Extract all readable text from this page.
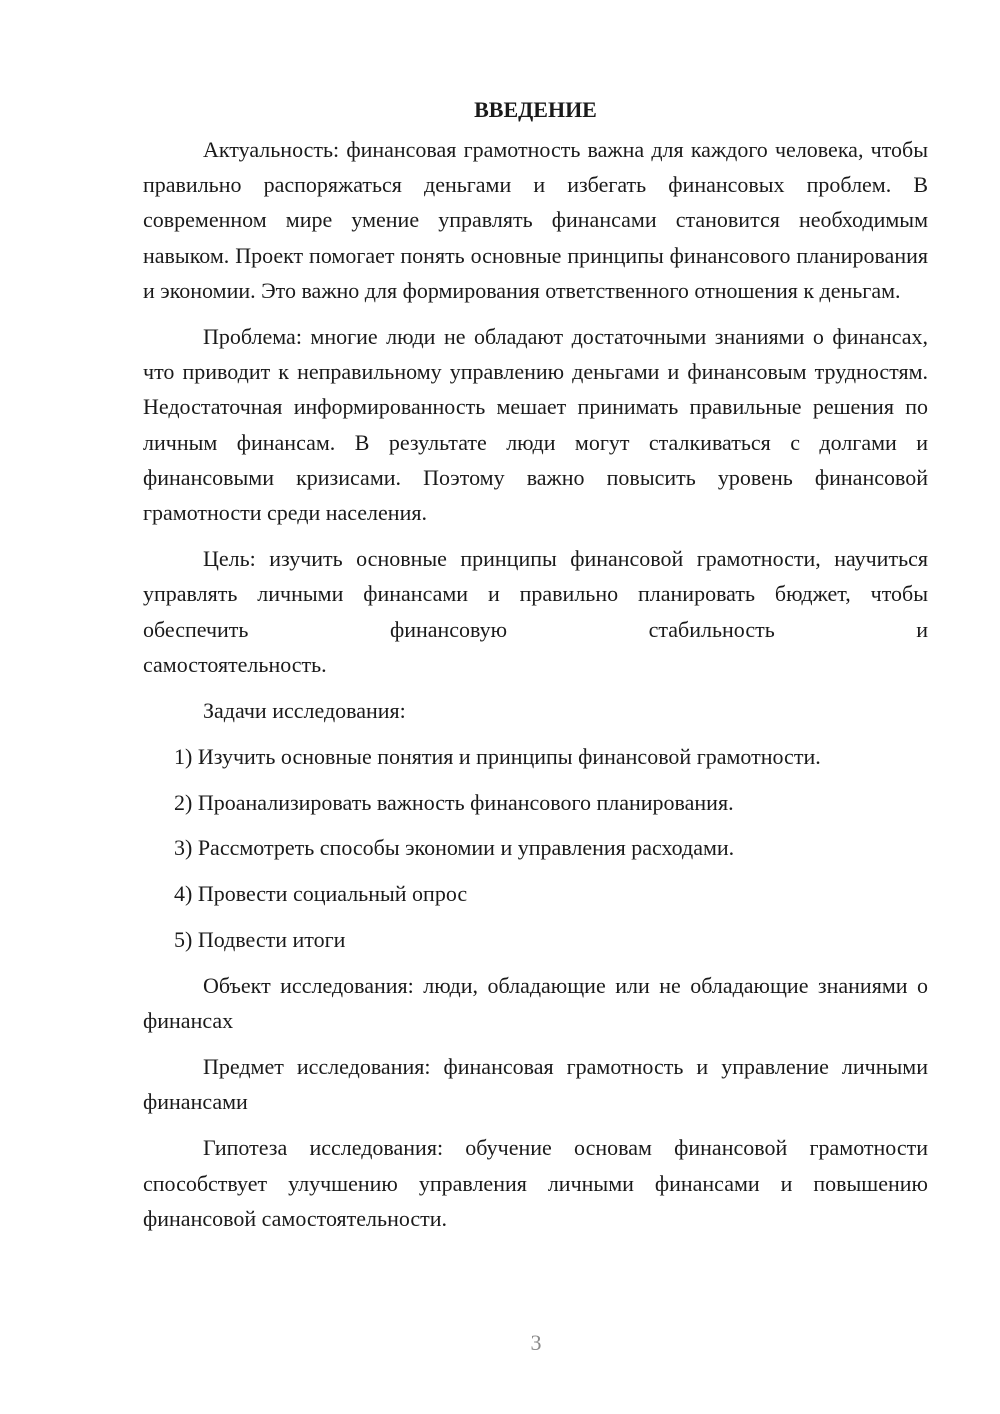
ВВЕДЕНИЕ

Актуальность: финансовая грамотность важна для каждого человека, чтобы правильно распоряжаться деньгами и избегать финансовых проблем. В современном мире умение управлять финансами становится необходимым навыком. Проект помогает понять основные принципы финансового планирования и экономии. Это важно для формирования ответственного отношения к деньгам.

Проблема: многие люди не обладают достаточными знаниями о финансах, что приводит к неправильному управлению деньгами и финансовым трудностям. Недостаточная информированность мешает принимать правильные решения по личным финансам. В результате люди могут сталкиваться с долгами и финансовыми кризисами. Поэтому важно повысить уровень финансовой грамотности среди населения.

Цель: изучить основные принципы финансовой грамотности, научиться управлять личными финансами и правильно планировать бюджет, чтобы обеспечить финансовую стабильность и

самостоятельность.

Задачи исследования:

1) Изучить основные понятия и принципы финансовой грамотности.
2) Проанализировать важность финансового планирования.
3) Рассмотреть способы экономии и управления расходами.
4) Провести социальный опрос
5) Подвести итоги

Объект исследования: люди, обладающие или не обладающие знаниями о финансах

Предмет исследования: финансовая грамотность и управление личными финансами

Гипотеза исследования: обучение основам финансовой грамотности способствует улучшению управления личными финансами и повышению финансовой самостоятельности.

3
